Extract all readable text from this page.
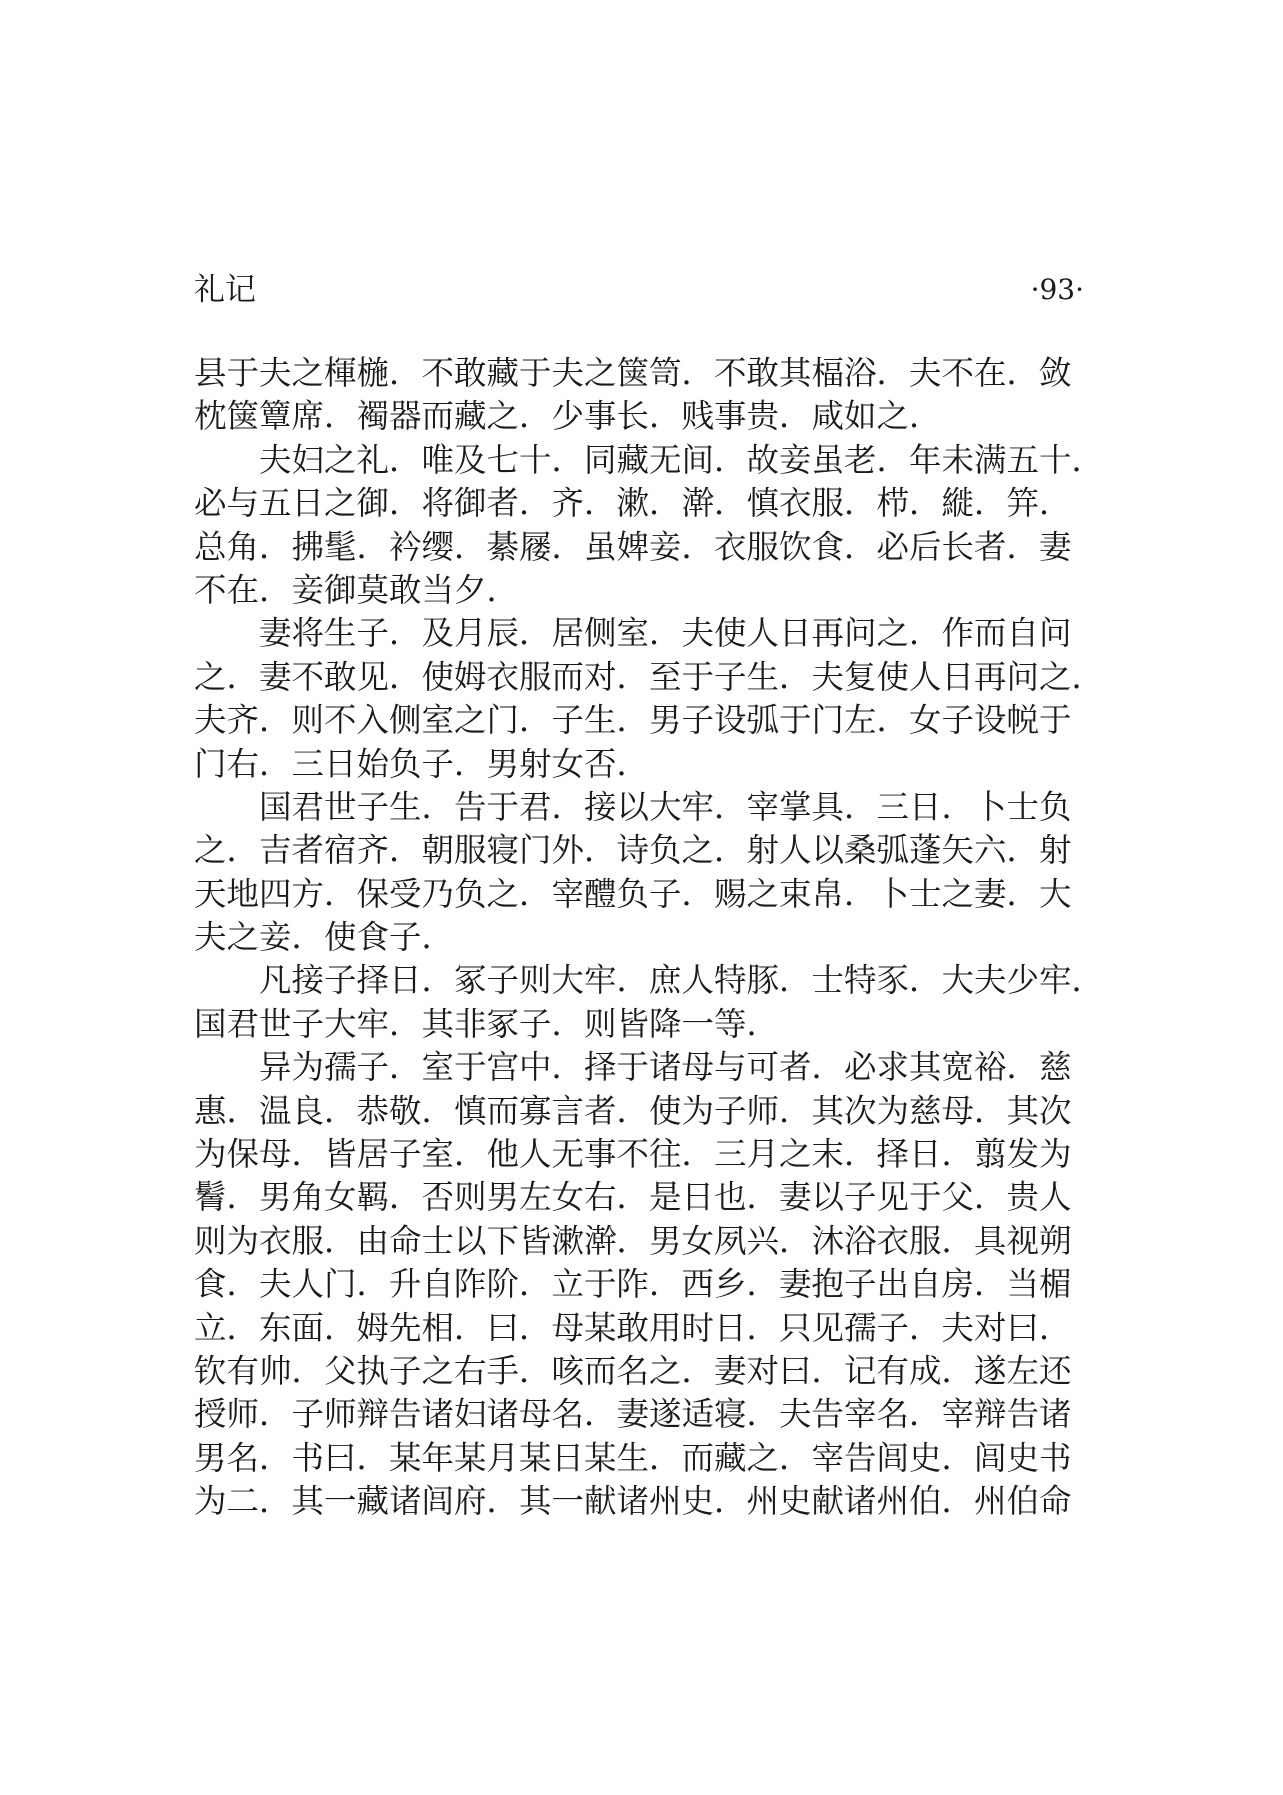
礼记	·93·
县于夫之楎椸．不敢藏于夫之箧笥．不敢其楅浴．夫不在．敛
枕箧簟席．襡器而藏之．少事长．贱事贵．咸如之．
　　夫妇之礼．唯及七十．同藏无间．故妾虽老．年未满五十．
必与五日之御．将御者．齐．漱．澣．慎衣服．栉．縰．笄．
总角．拂髦．衿缨．綦屦．虽婢妾．衣服饮食．必后长者．妻
不在．妾御莫敢当夕．
　　妻将生子．及月辰．居侧室．夫使人日再问之．作而自问
之．妻不敢见．使姆衣服而对．至于子生．夫复使人日再问之．
夫齐．则不入侧室之门．子生．男子设弧于门左．女子设帨于
门右．三日始负子．男射女否．
　　国君世子生．告于君．接以大牢．宰掌具．三日．卜士负
之．吉者宿齐．朝服寝门外．诗负之．射人以桑弧蓬矢六．射
天地四方．保受乃负之．宰醴负子．赐之束帛．卜士之妻．大
夫之妾．使食子．
　　凡接子择日．冢子则大牢．庶人特豚．士特豕．大夫少牢．
国君世子大牢．其非冢子．则皆降一等．
　　异为孺子．室于宫中．择于诸母与可者．必求其宽裕．慈
惠．温良．恭敬．慎而寡言者．使为子师．其次为慈母．其次
为保母．皆居子室．他人无事不往．三月之末．择日．翦发为
鬌．男角女羁．否则男左女右．是日也．妻以子见于父．贵人
则为衣服．由命士以下皆漱澣．男女夙兴．沐浴衣服．具视朔
食．夫人门．升自阼阶．立于阼．西乡．妻抱子出自房．当楣
立．东面．姆先相．曰．母某敢用时日．只见孺子．夫对曰．
钦有帅．父执子之右手．咳而名之．妻对曰．记有成．遂左还
授师．子师辩告诸妇诸母名．妻遂适寝．夫告宰名．宰辩告诸
男名．书曰．某年某月某日某生．而藏之．宰告闾史．闾史书
为二．其一藏诸闾府．其一献诸州史．州史献诸州伯．州伯命
